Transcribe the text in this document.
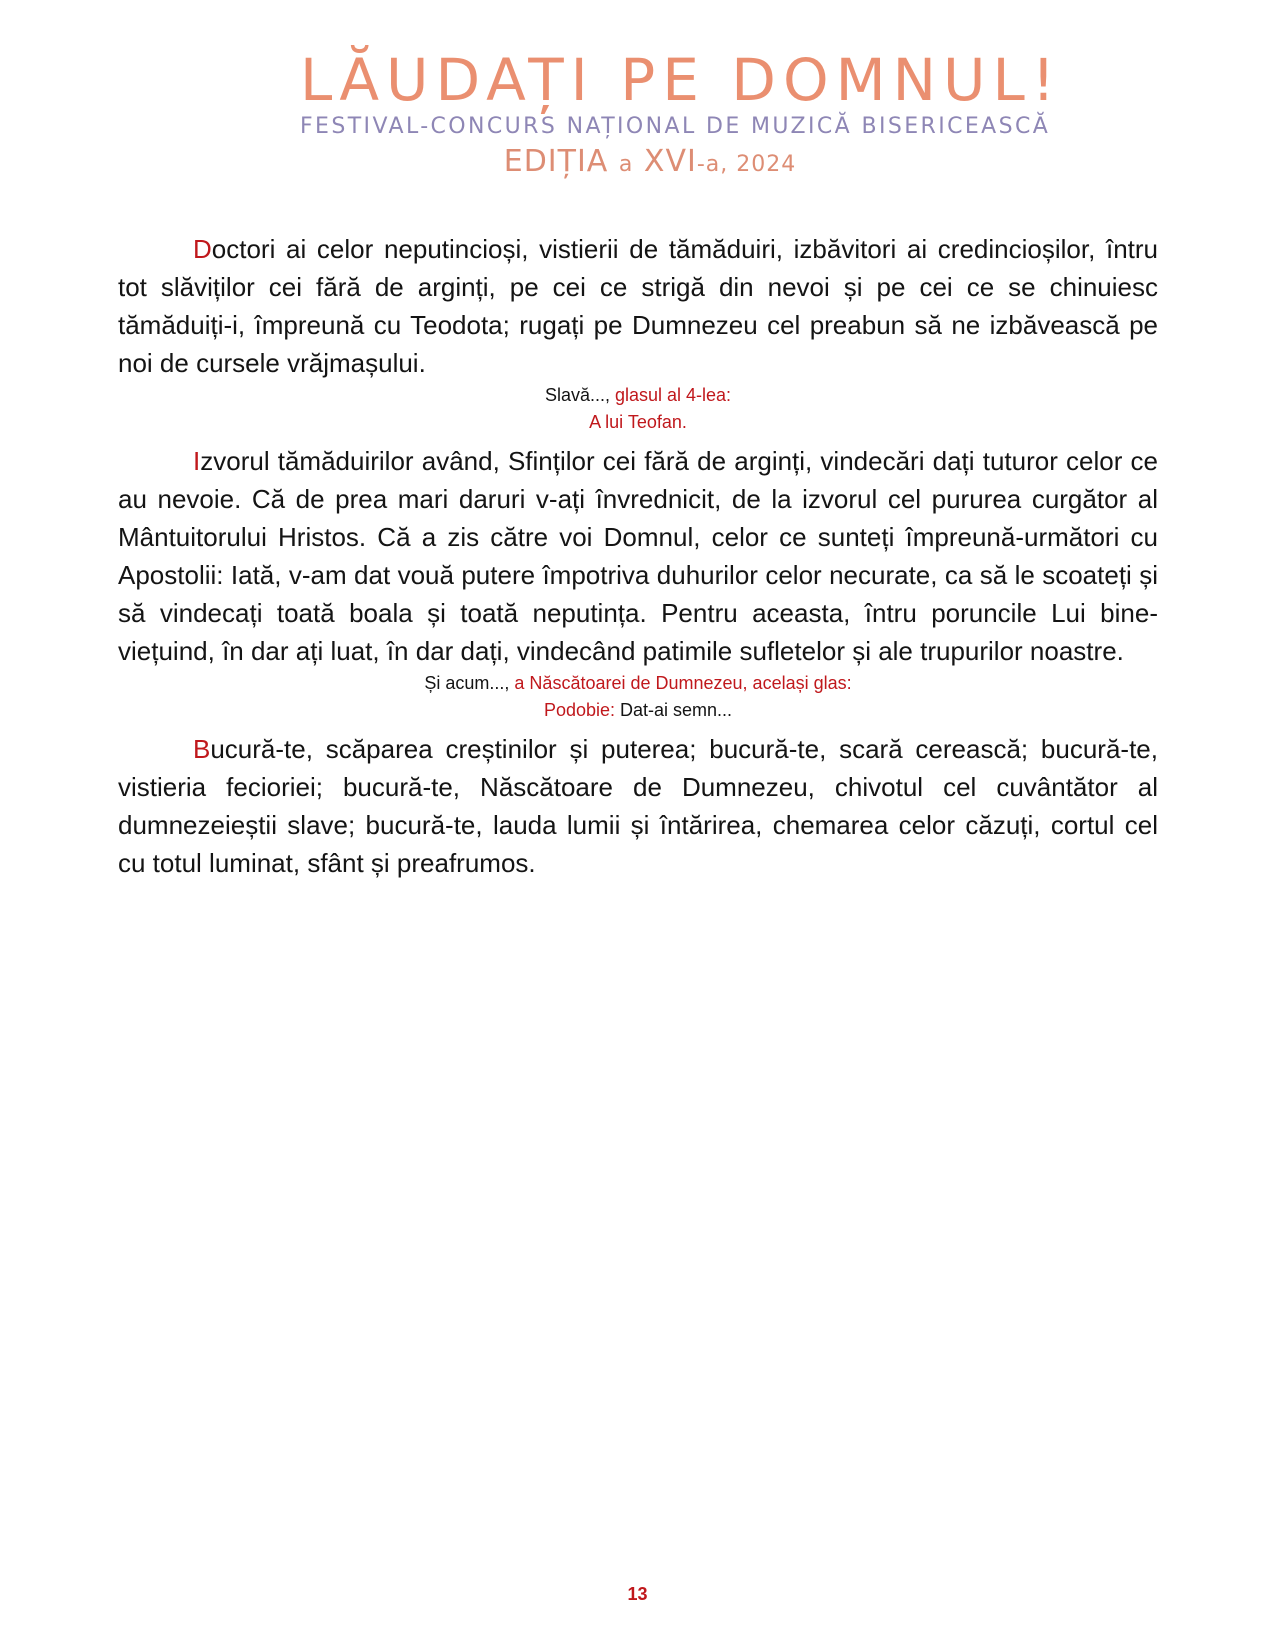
LĂUDAȚI PE DOMNUL!
FESTIVAL-CONCURS NAȚIONAL DE MUZICĂ BISERICEASCĂ
EDIȚIA a XVI-a, 2024

Doctori ai celor neputincioși, vistierii de tămăduiri, izbăvitori ai credincioșilor, întru tot slăviților cei fără de arginți, pe cei ce strigă din nevoi și pe cei ce se chinuiesc tămăduiți-i, împreună cu Teodota; rugați pe Dumnezeu cel preabun să ne izbăvească pe noi de cursele vrăjmașului.

Slavă..., glasul al 4-lea:

A lui Teofan.

Izvorul tămăduirilor având, Sfinților cei fără de arginți, vindecări dați tuturor celor ce au nevoie. Că de prea mari daruri v-ați învrednicit, de la izvorul cel pururea curgător al Mântuitorului Hristos. Că a zis către voi Domnul, celor ce sunteți împreună-următori cu Apostolii: Iată, v-am dat vouă putere împotriva duhurilor celor necurate, ca să le scoateți și să vindecați toată boala și toată neputința. Pentru aceasta, întru poruncile Lui bine-viețuind, în dar ați luat, în dar dați, vindecând patimile sufletelor și ale trupurilor noastre.

Și acum..., a Născătoarei de Dumnezeu, același glas:

Podobie: Dat-ai semn...

Bucură-te, scăparea creștinilor și puterea; bucură-te, scară cerească; bucură-te, vistieria fecioriei; bucură-te, Născătoare de Dumnezeu, chivotul cel cuvântător al dumnezeieștii slave; bucură-te, lauda lumii și întărirea, chemarea celor căzuți, cortul cel cu totul luminat, sfânt și preafrumos.

13
